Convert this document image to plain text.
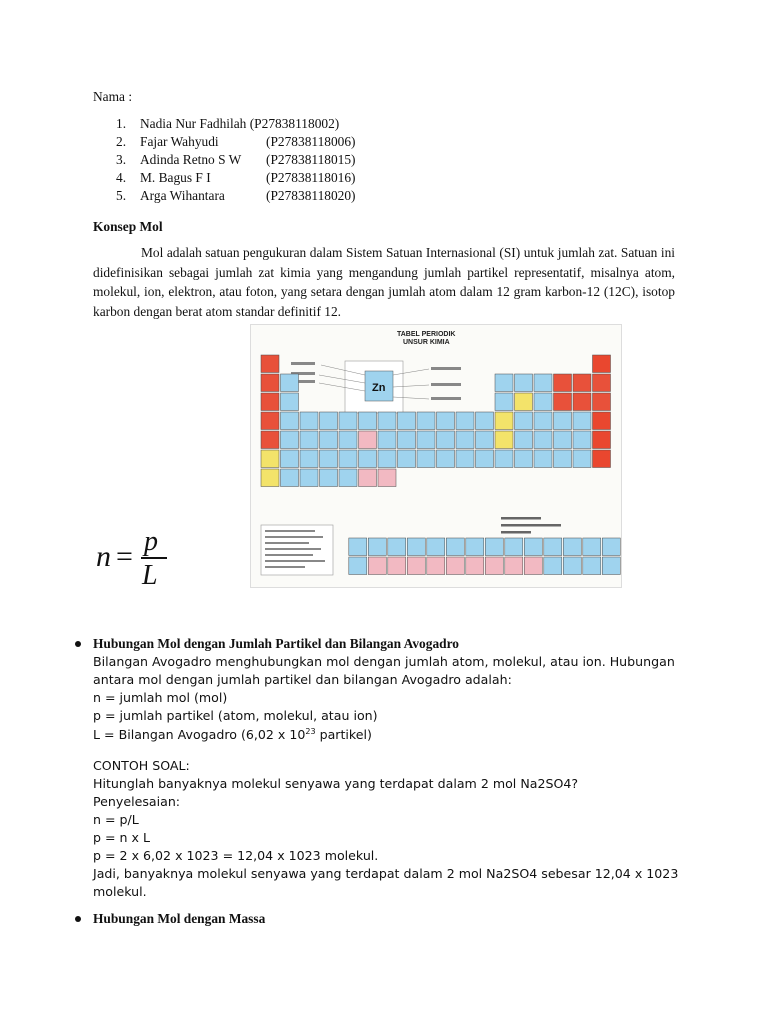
Nama :
1. Nadia Nur Fadhilah (P27838118002)
2. Fajar Wahyudi	(P27838118006)
3. Adinda Retno S W (P27838118015)
4. M. Bagus F I	(P27838118016)
5. Arga Wihantara	(P27838118020)
Konsep Mol
Mol adalah satuan pengukuran dalam Sistem Satuan Internasional (SI) untuk jumlah zat. Satuan ini didefinisikan sebagai jumlah zat kimia yang mengandung jumlah partikel representatif, misalnya atom, molekul, ion, elektron, atau foton, yang setara dengan jumlah atom dalam 12 gram karbon-12 (12C), isotop karbon dengan berat atom standar definitif 12.
n = p
L
TABEL PERIODIK
UNSUR KIMIA
Zn
Hubungan Mol dengan Jumlah Partikel dan Bilangan Avogadro
Bilangan Avogadro menghubungkan mol dengan jumlah atom, molekul, atau ion. Hubungan
antara mol dengan jumlah partikel dan bilangan Avogadro adalah:
n = jumlah mol (mol)
p = jumlah partikel (atom, molekul, atau ion)
L = Bilangan Avogadro (6,02 x $10^{23}$ partikel)
CONTOH SOAL:
Hitunglah banyaknya molekul senyawa yang terdapat dalam 2 mol Na2SO4?
Penyelesaian:
n = p/L
p = n x L
p = 2 x 6,02 x 1023 = 12,04 x 1023 molekul.
Jadi, banyaknya molekul senyawa yang terdapat dalam 2 mol Na2SO4 sebesar 12,04 x 1023
molekul.
Hubungan Mol dengan Massa
